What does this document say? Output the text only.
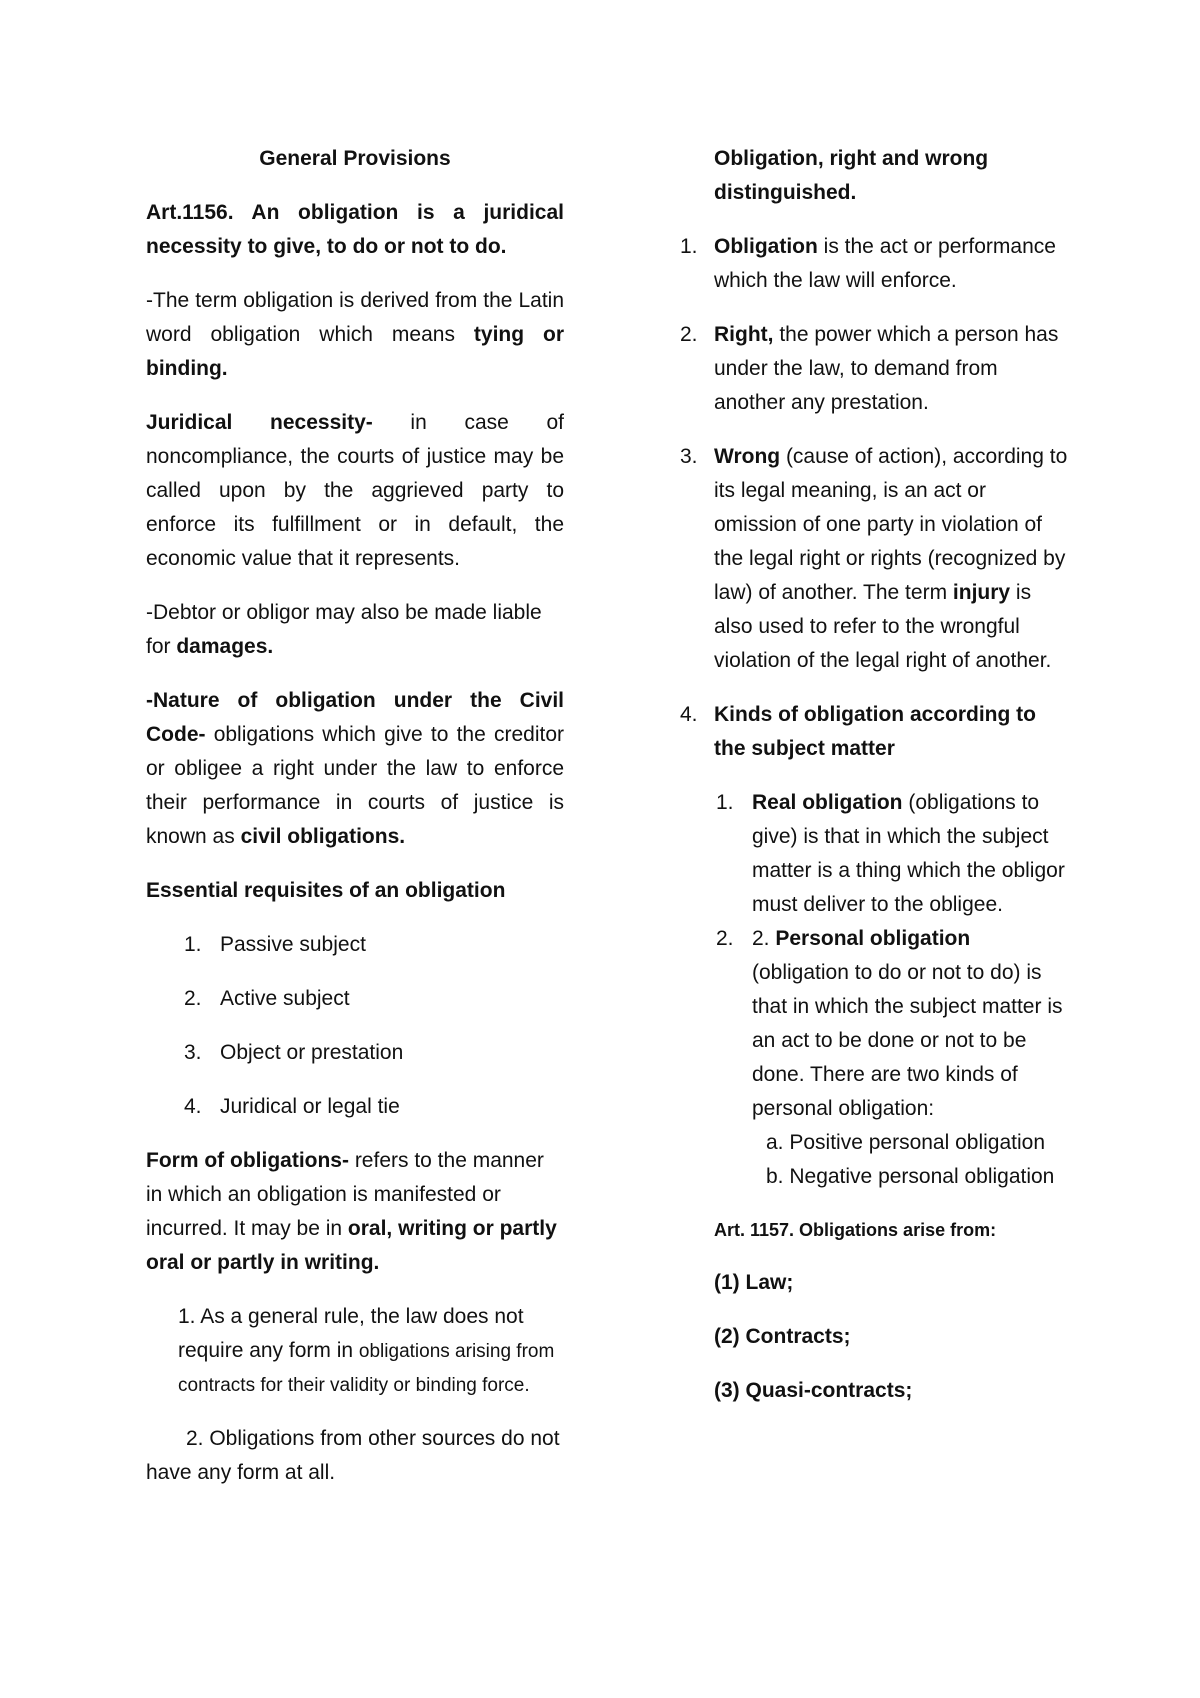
General Provisions

Art.1156. An obligation is a juridical necessity to give, to do or not to do.

-The term obligation is derived from the Latin word obligation which means tying or binding.

Juridical necessity- in case of noncompliance, the courts of justice may be called upon by the aggrieved party to enforce its fulfillment or in default, the economic value that it represents.

-Debtor or obligor may also be made liable for damages.

-Nature of obligation under the Civil Code- obligations which give to the creditor or obligee a right under the law to enforce their performance in courts of justice is known as civil obligations.

Essential requisites of an obligation

1. Passive subject
2. Active subject
3. Object or prestation
4. Juridical or legal tie

Form of obligations- refers to the manner in which an obligation is manifested or incurred. It may be in oral, writing or partly oral or partly in writing.

1. As a general rule, the law does not require any form in obligations arising from contracts for their validity or binding force.

2. Obligations from other sources do not have any form at all.

Obligation, right and wrong distinguished.

1. Obligation is the act or performance which the law will enforce.
2. Right, the power which a person has under the law, to demand from another any prestation.
3. Wrong (cause of action), according to its legal meaning, is an act or omission of one party in violation of the legal right or rights (recognized by law) of another. The term injury is also used to refer to the wrongful violation of the legal right of another.
4. Kinds of obligation according to the subject matter
1. Real obligation (obligations to give) is that in which the subject matter is a thing which the obligor must deliver to the obligee.
2. 2. Personal obligation (obligation to do or not to do) is that in which the subject matter is an act to be done or not to be done. There are two kinds of personal obligation:
a. Positive personal obligation
b. Negative personal obligation

Art. 1157. Obligations arise from:

(1) Law;

(2) Contracts;

(3) Quasi-contracts;
